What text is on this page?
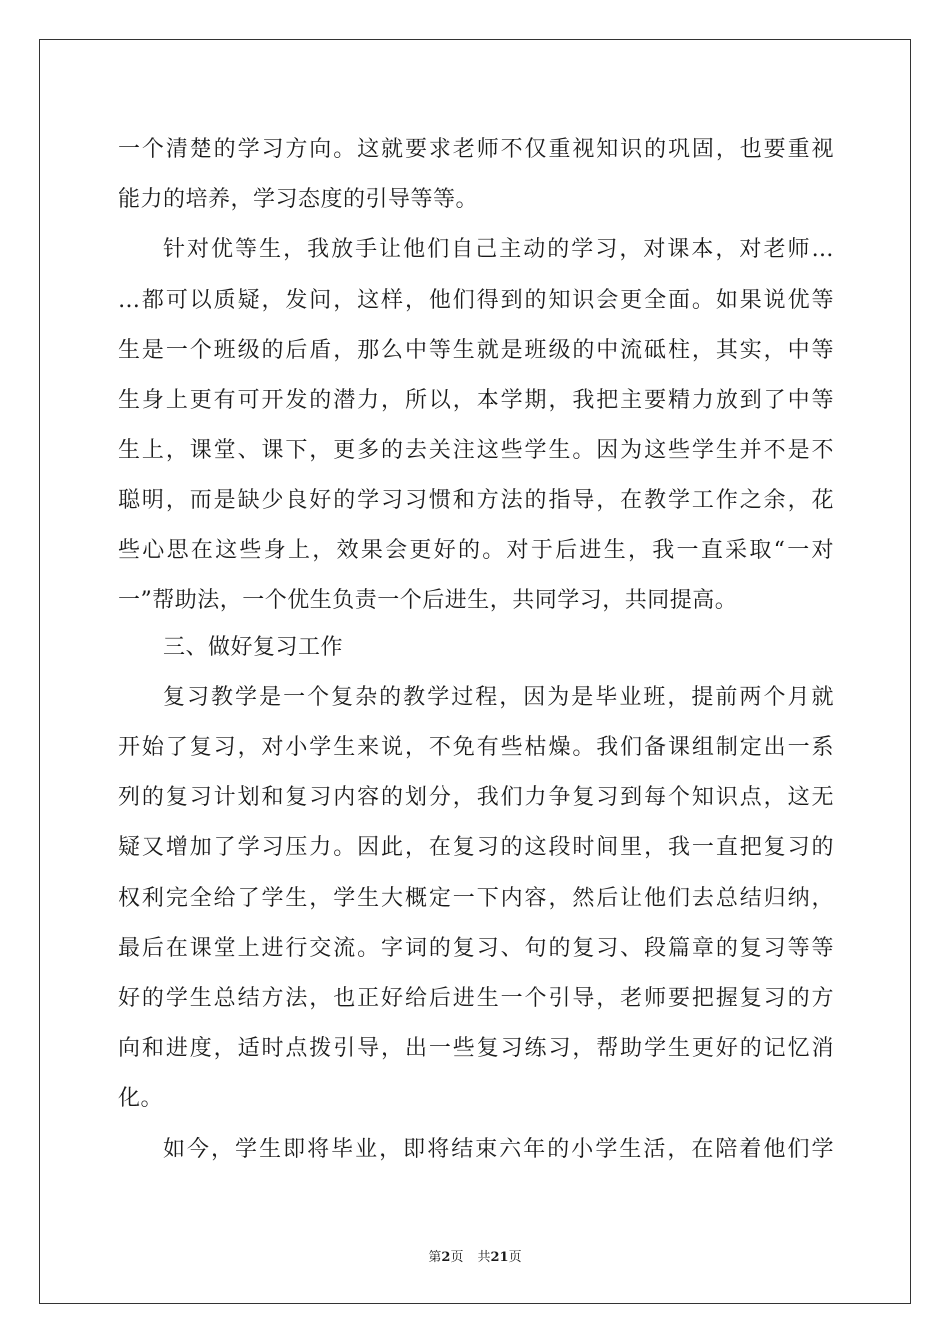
一个清楚的学习方向。这就要求老师不仅重视知识的巩固，也要重视
能力的培养，学习态度的引导等等。
针对优等生，我放手让他们自己主动的学习，对课本，对老师…
…都可以质疑，发问，这样，他们得到的知识会更全面。如果说优等
生是一个班级的后盾，那么中等生就是班级的中流砥柱，其实，中等
生身上更有可开发的潜力，所以，本学期，我把主要精力放到了中等
生上，课堂、课下，更多的去关注这些学生。因为这些学生并不是不
聪明，而是缺少良好的学习习惯和方法的指导，在教学工作之余，花
些心思在这些身上，效果会更好的。对于后进生，我一直采取“一对
一”帮助法，一个优生负责一个后进生，共同学习，共同提高。
三、做好复习工作
复习教学是一个复杂的教学过程，因为是毕业班，提前两个月就
开始了复习，对小学生来说，不免有些枯燥。我们备课组制定出一系
列的复习计划和复习内容的划分，我们力争复习到每个知识点，这无
疑又增加了学习压力。因此，在复习的这段时间里，我一直把复习的
权利完全给了学生，学生大概定一下内容，然后让他们去总结归纳，
最后在课堂上进行交流。字词的复习、句的复习、段篇章的复习等等
好的学生总结方法，也正好给后进生一个引导，老师要把握复习的方
向和进度，适时点拨引导，出一些复习练习，帮助学生更好的记忆消
化。
如今，学生即将毕业，即将结束六年的小学生活，在陪着他们学
第2页 共21页
